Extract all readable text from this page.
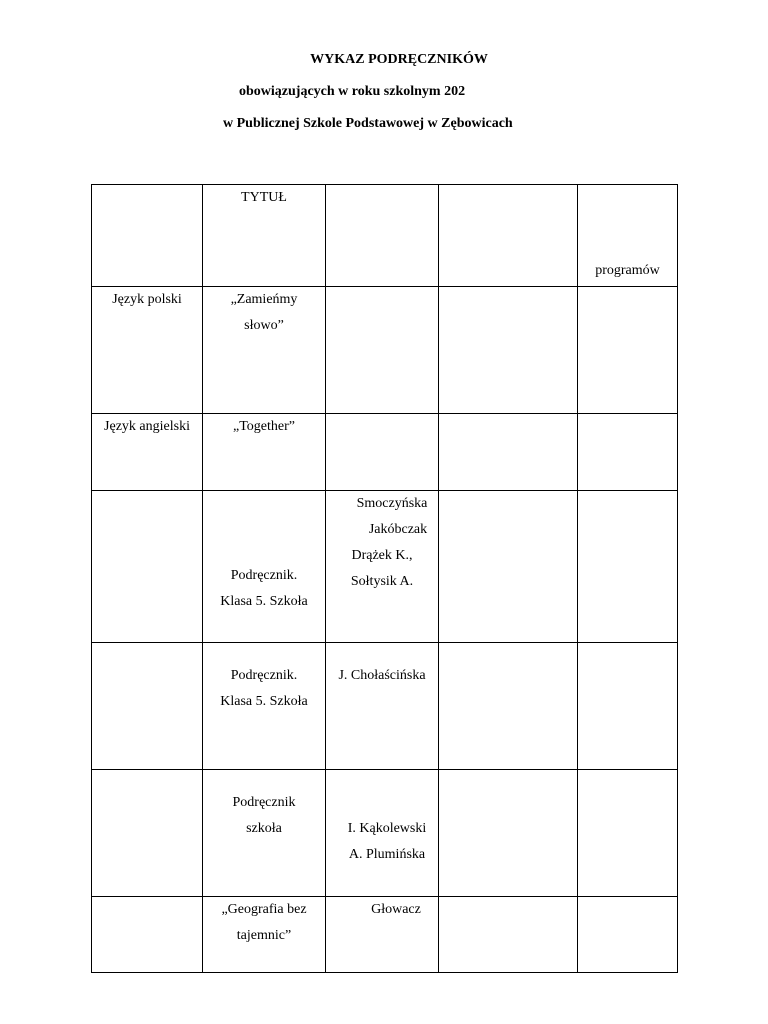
WYKAZ PODRĘCZNIKÓW
obowiązujących w roku szkolnym 202
w Publicznej Szkole Podstawowej w Zębowicach

	TYTUŁ			programów

Język polski	„Zamieńmy
słowo”			

Język angielski	„Together”			

	Podręcznik.
Klasa 5. Szkoła	Smoczyńska
Jakóbczak
Drążek K.,
Sołtysik A.		

	Podręcznik.
Klasa 5. Szkoła	J. Chołaścińska		

	Podręcznik
szkoła	I. Kąkolewski
A. Plumińska		

	„Geografia bez
tajemnic”	Głowacz		
